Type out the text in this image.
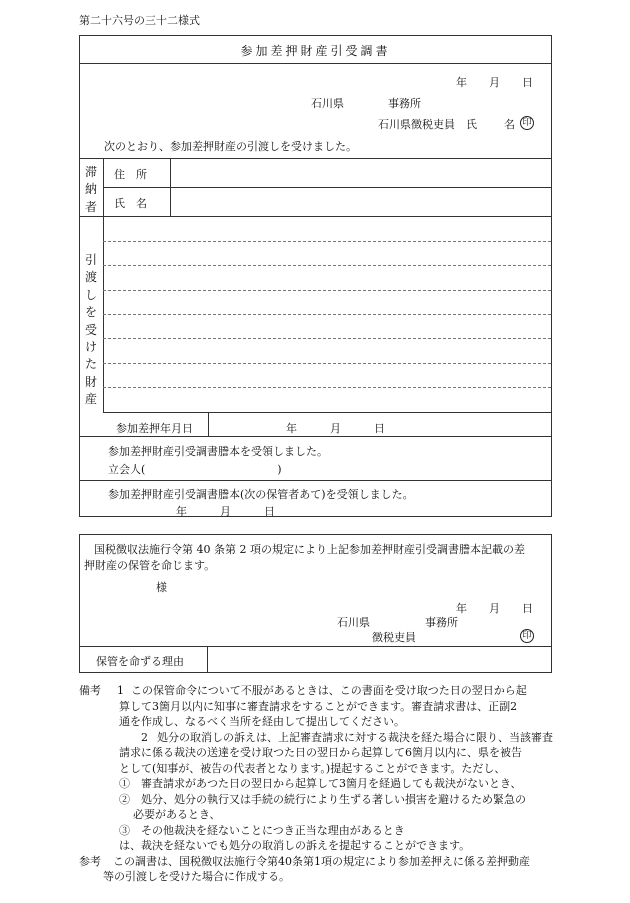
第二十六号の三十二様式
参加差押財産引受調書
年　　月　　日
石川県　　　　事務所
石川県徴税吏員　氏 名 印
次のとおり、参加差押財産の引渡しを受けました。
滞
納
者
住　所
氏　名
引
渡
し
を
受
け
た
財
産
参加差押年月日	年　　　月　　　日
参加差押財産引受調書謄本を受領しました。
立会人(　　　　　　　　　　　　)
参加差押財産引受調書謄本(次の保管者あて)を受領しました。
年　　　月　　　日
国税徴収法施行令第 40 条第 2 項の規定により上記参加差押財産引受調書謄本記載の差
押財産の保管を命じます。
様
年　　月　　日
石川県　　　　　事務所
徴税吏員	印
保管を命ずる理由
備考 1 この保管命令について不服があるときは、この書面を受け取つた日の翌日から起
算して3箇月以内に知事に審査請求をすることができます。審査請求書は、正副2
通を作成し、なるべく当所を経由して提出してください。
2 処分の取消しの訴えは、上記審査請求に対する裁決を経た場合に限り、当該審査

請求に係る裁決の送達を受け取つた日の翌日から起算して6箇月以内に、県を被告
として(知事が、被告の代表者となります。)提起することができます。ただし、
①　審査請求があつた日の翌日から起算して3箇月を経過しても裁決がないとき、
②　処分、処分の執行又は手続の続行により生ずる著しい損害を避けるため緊急の
必要があるとき、
③　その他裁決を経ないことにつき正当な理由があるとき
は、裁決を経ないでも処分の取消しの訴えを提起することができます。
参考 この調書は、国税徴収法施行令第40条第1項の規定により参加差押えに係る差押動産

等の引渡しを受けた場合に作成する。
